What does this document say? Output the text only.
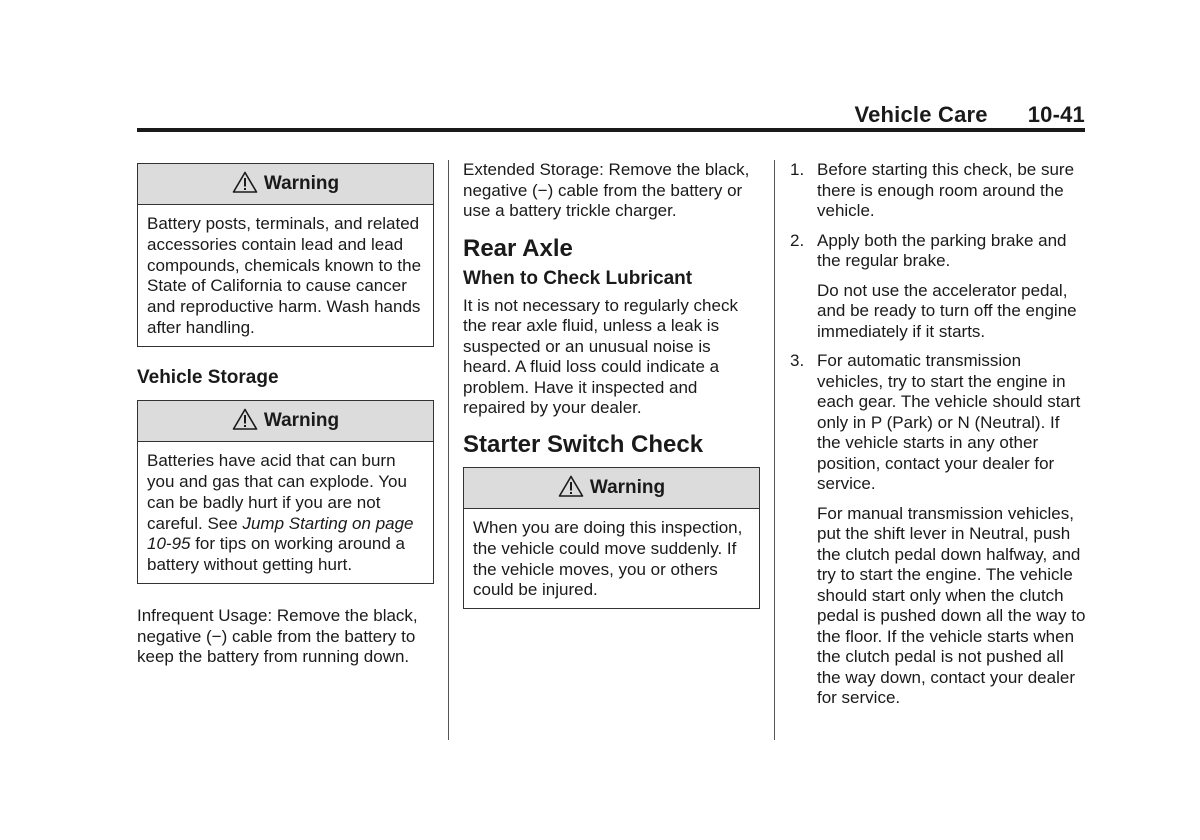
Vehicle Care 10-41
Warning
Battery posts, terminals, and related accessories contain lead and lead compounds, chemicals known to the State of California to cause cancer and reproductive harm. Wash hands after handling.

Vehicle Storage

Warning
Batteries have acid that can burn you and gas that can explode. You can be badly hurt if you are not careful. See Jump Starting on page 10-95 for tips on working around a battery without getting hurt.

Infrequent Usage: Remove the black, negative (−) cable from the battery to keep the battery from running down.

Extended Storage: Remove the black, negative (−) cable from the battery or use a battery trickle charger.

Rear Axle

When to Check Lubricant

It is not necessary to regularly check the rear axle fluid, unless a leak is suspected or an unusual noise is heard. A fluid loss could indicate a problem. Have it inspected and repaired by your dealer.

Starter Switch Check

Warning
When you are doing this inspection, the vehicle could move suddenly. If the vehicle moves, you or others could be injured.
1. Before starting this check, be sure there is enough room around the vehicle.

2. Apply both the parking brake and the regular brake.

Do not use the accelerator pedal, and be ready to turn off the engine immediately if it starts.

3. For automatic transmission vehicles, try to start the engine in each gear. The vehicle should start only in P (Park) or N (Neutral). If the vehicle starts in any other position, contact your dealer for service.

For manual transmission vehicles, put the shift lever in Neutral, push the clutch pedal down halfway, and try to start the engine. The vehicle should start only when the clutch pedal is pushed down all the way to the floor. If the vehicle starts when the clutch pedal is not pushed all the way down, contact your dealer for service.
